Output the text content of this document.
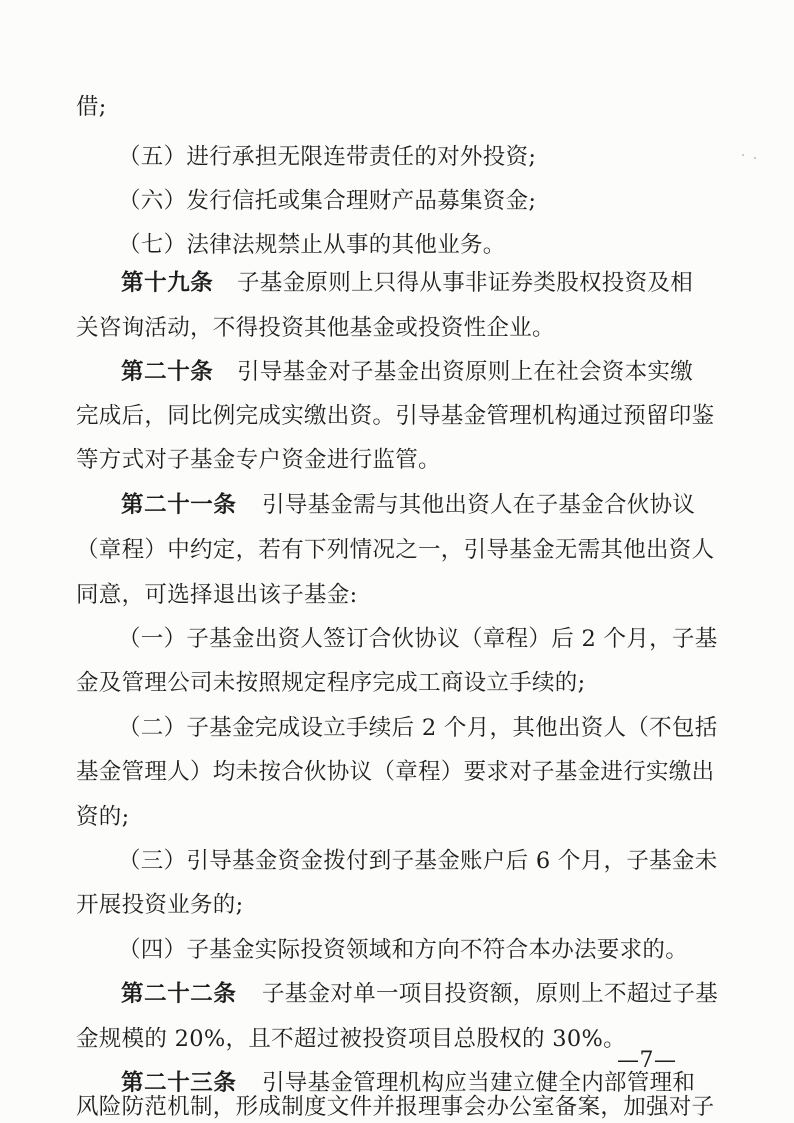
借;
（五）进行承担无限连带责任的对外投资;
（六）发行信托或集合理财产品募集资金;
（七）法律法规禁止从事的其他业务。
第十九条 子基金原则上只得从事非证券类股权投资及相
关咨询活动，不得投资其他基金或投资性企业。
第二十条 引导基金对子基金出资原则上在社会资本实缴
完成后，同比例完成实缴出资。引导基金管理机构通过预留印鉴
等方式对子基金专户资金进行监管。
第二十一条 引导基金需与其他出资人在子基金合伙协议
（章程）中约定，若有下列情况之一，引导基金无需其他出资人
同意，可选择退出该子基金:
（一）子基金出资人签订合伙协议（章程）后 2 个月，子基
金及管理公司未按照规定程序完成工商设立手续的;
（二）子基金完成设立手续后 2 个月，其他出资人（不包括
基金管理人）均未按合伙协议（章程）要求对子基金进行实缴出
资的;
（三）引导基金资金拨付到子基金账户后 6 个月，子基金未
开展投资业务的;
（四）子基金实际投资领域和方向不符合本办法要求的。
第二十二条 子基金对单一项目投资额，原则上不超过子基
金规模的 20%，且不超过被投资项目总股权的 30%。
第二十三条 引导基金管理机构应当建立健全内部管理和
风险防范机制，形成制度文件并报理事会办公室备案，加强对子
—7—
